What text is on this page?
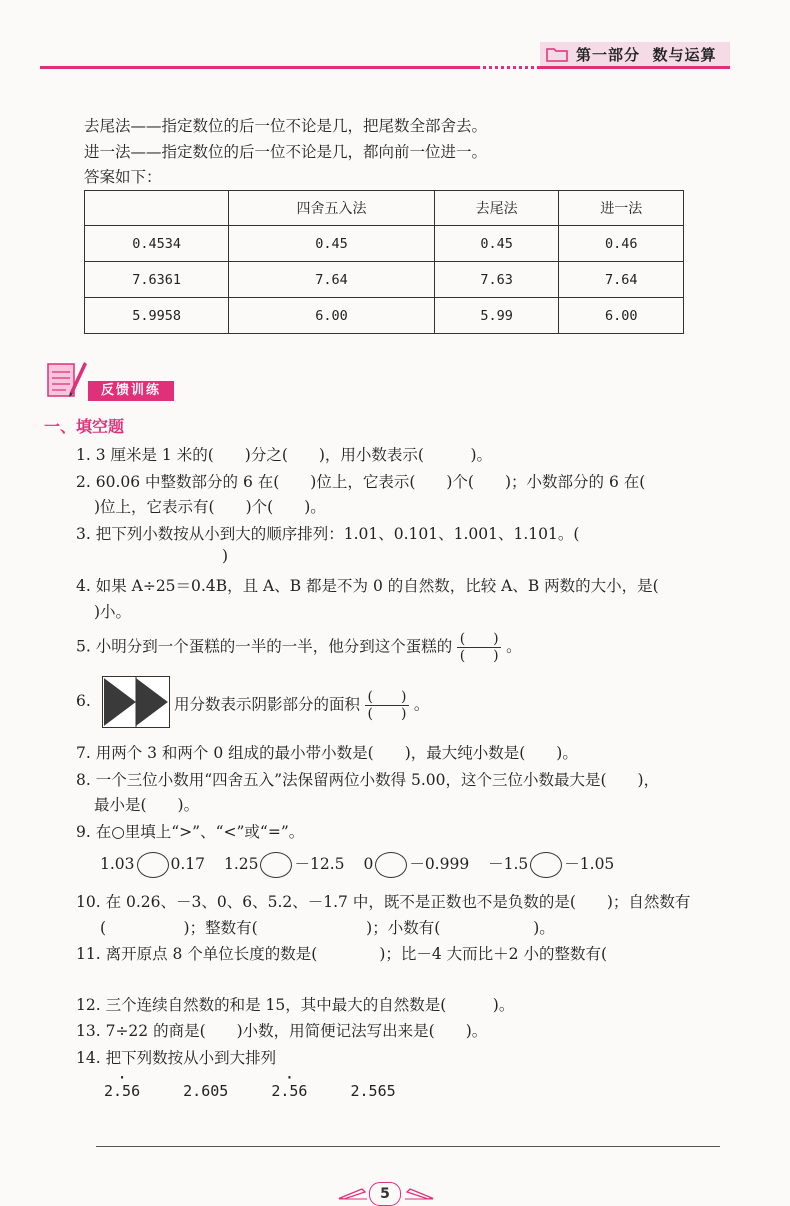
第一部分 数与运算
去尾法——指定数位的后一位不论是几，把尾数全部舍去。
进一法——指定数位的后一位不论是几，都向前一位进一。
答案如下：
	四舍五入法	去尾法	进一法
0.4534	0.45	0.45	0.46
7.6361	7.64	7.63	7.64
5.9958	6.00	5.99	6.00
反馈训练
一、填空题
1. 3 厘米是 1 米的(　　)分之(　　)，用小数表示(　　　)。
2. 60.06 中整数部分的 6 在(　　)位上，它表示(　　)个(　　)；小数部分的 6 在(
)位上，它表示有(　　)个(　　)。
3. 把下列小数按从小到大的顺序排列：1.01、0.101、1.001、1.101。(
)
4. 如果 A÷25＝0.4B，且 A、B 都是不为 0 的自然数，比较 A、B 两数的大小，是(
)小。
5. 小明分到一个蛋糕的一半的一半，他分到这个蛋糕的 $\frac{( )}{( )}$ 。
6.	用分数表示阴影部分的面积 $\frac{( )}{( )}$ 。
7. 用两个 3 和两个 0 组成的最小带小数是(　　)，最大纯小数是(　　)。
8. 一个三位小数用“四舍五入”法保留两位小数得 5.00，这个三位小数最大是(　　)，
最小是(　　)。
9. 在○里填上“>”、“<”或“=”。
1.03 0.17 1.25 －12.5 0 －0.999 －1.5 －1.05
10. 在 0.26、－3、0、6、5.2、－1.7 中，既不是正数也不是负数的是(　　)；自然数有
(　　　　　)；整数有(　　　　　　　)；小数有(　　　　　　)。
11. 离开原点 8 个单位长度的数是(　　　　)；比－4 大而比＋2 小的整数有(
12. 三个连续自然数的和是 15，其中最大的自然数是(　　　)。
13. 7÷22 的商是(　　)小数，用简便记法写出来是(　　)。
14. 把下列数按从小到大排列
· 2.56	2.605	· 2.56	2.565
5
